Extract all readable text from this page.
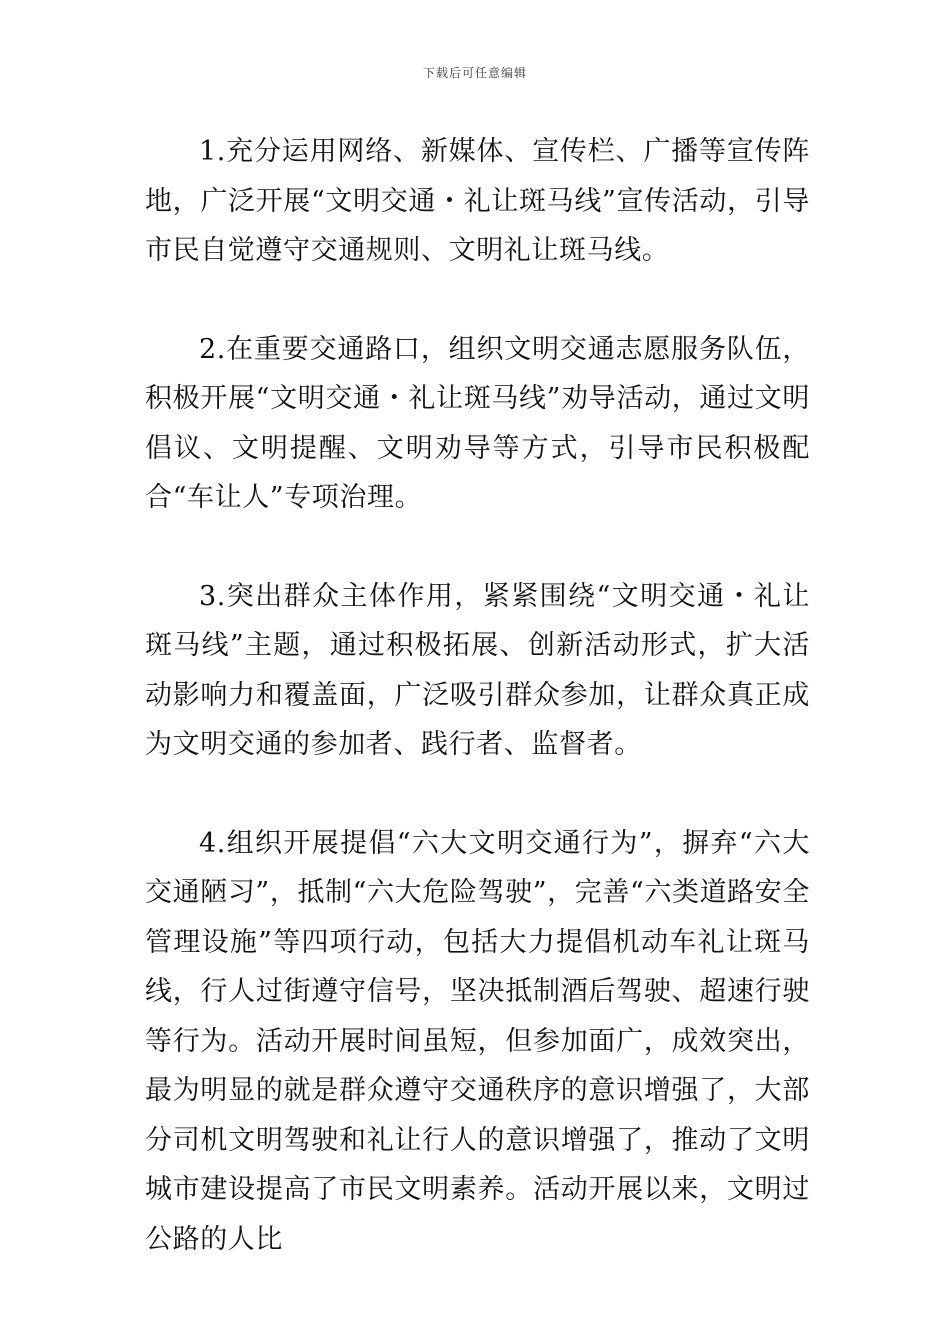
下载后可任意编辑

1.充分运用网络、新媒体、宣传栏、广播等宣传阵地，广泛开展“文明交通・礼让斑马线”宣传活动，引导市民自觉遵守交通规则、文明礼让斑马线。

2.在重要交通路口，组织文明交通志愿服务队伍，积极开展“文明交通・礼让斑马线”劝导活动，通过文明倡议、文明提醒、文明劝导等方式，引导市民积极配合“车让人”专项治理。

3.突出群众主体作用，紧紧围绕“文明交通・礼让斑马线”主题，通过积极拓展、创新活动形式，扩大活动影响力和覆盖面，广泛吸引群众参加，让群众真正成为文明交通的参加者、践行者、监督者。

4.组织开展提倡“六大文明交通行为”，摒弃“六大交通陋习”，抵制“六大危险驾驶”，完善“六类道路安全管理设施”等四项行动，包括大力提倡机动车礼让斑马线，行人过街遵守信号，坚决抵制酒后驾驶、超速行驶等行为。活动开展时间虽短，但参加面广，成效突出，最为明显的就是群众遵守交通秩序的意识增强了，大部分司机文明驾驶和礼让行人的意识增强了，推动了文明城市建设提高了市民文明素养。活动开展以来，文明过公路的人比
